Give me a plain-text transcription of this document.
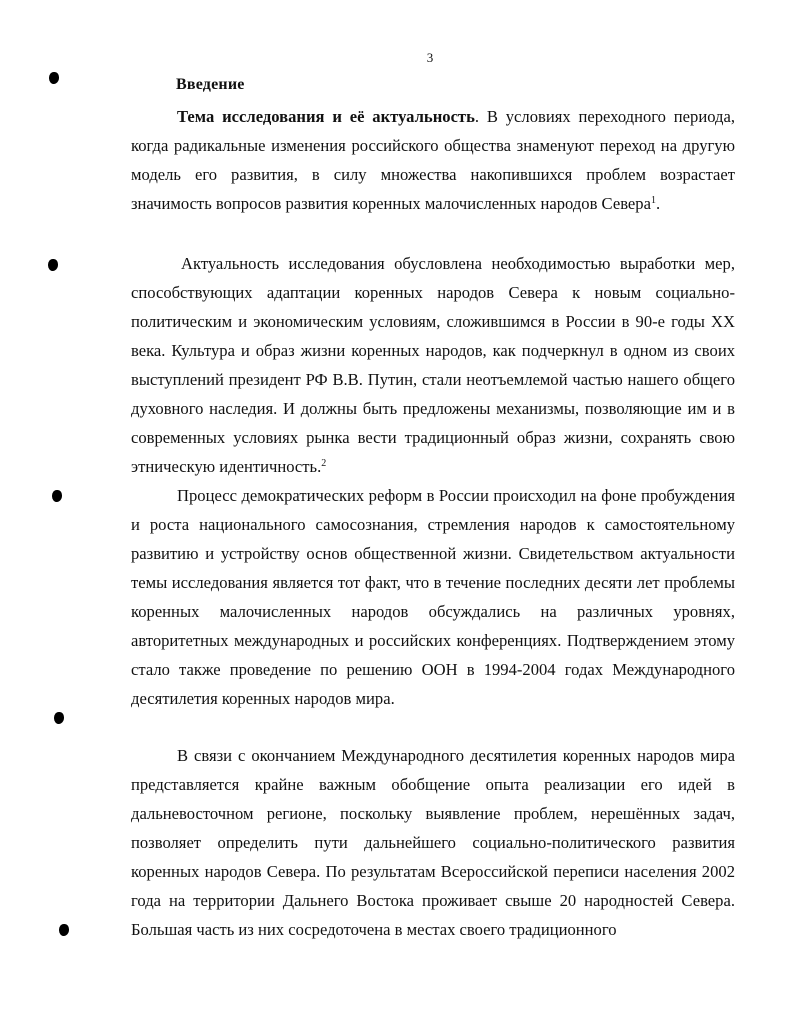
3
Введение

Тема исследования и её актуальность. В условиях переходного периода, когда радикальные изменения российского общества знаменуют переход на другую модель его развития, в силу множества накопившихся проблем возрастает значимость вопросов развития коренных малочисленных народов Севера$^1$.

Актуальность исследования обусловлена необходимостью выработки мер, способствующих адаптации коренных народов Севера к новым социально-политическим и экономическим условиям, сложившимся в России в 90-е годы XX века. Культура и образ жизни коренных народов, как подчеркнул в одном из своих выступлений президент РФ В.В. Путин, стали неотъемлемой частью нашего общего духовного наследия. И должны быть предложены механизмы, позволяющие им и в современных условиях рынка вести традиционный образ жизни, сохранять свою этническую идентичность.$^2$

Процесс демократических реформ в России происходил на фоне пробуждения и роста национального самосознания, стремления народов к самостоятельному развитию и устройству основ общественной жизни. Свидетельством актуальности темы исследования является тот факт, что в течение последних десяти лет проблемы коренных малочисленных народов обсуждались на различных уровнях, авторитетных международных и российских конференциях. Подтверждением этому стало также проведение по решению ООН в 1994-2004 годах Международного десятилетия коренных народов мира.

В связи с окончанием Международного десятилетия коренных народов мира представляется крайне важным обобщение опыта реализации его идей в дальневосточном регионе, поскольку выявление проблем, нерешённых задач, позволяет определить пути дальнейшего социально-политического развития коренных народов Севера. По результатам Всероссийской переписи населения 2002 года на территории Дальнего Востока проживает свыше 20 народностей Севера. Большая часть из них сосредоточена в местах своего традиционного
